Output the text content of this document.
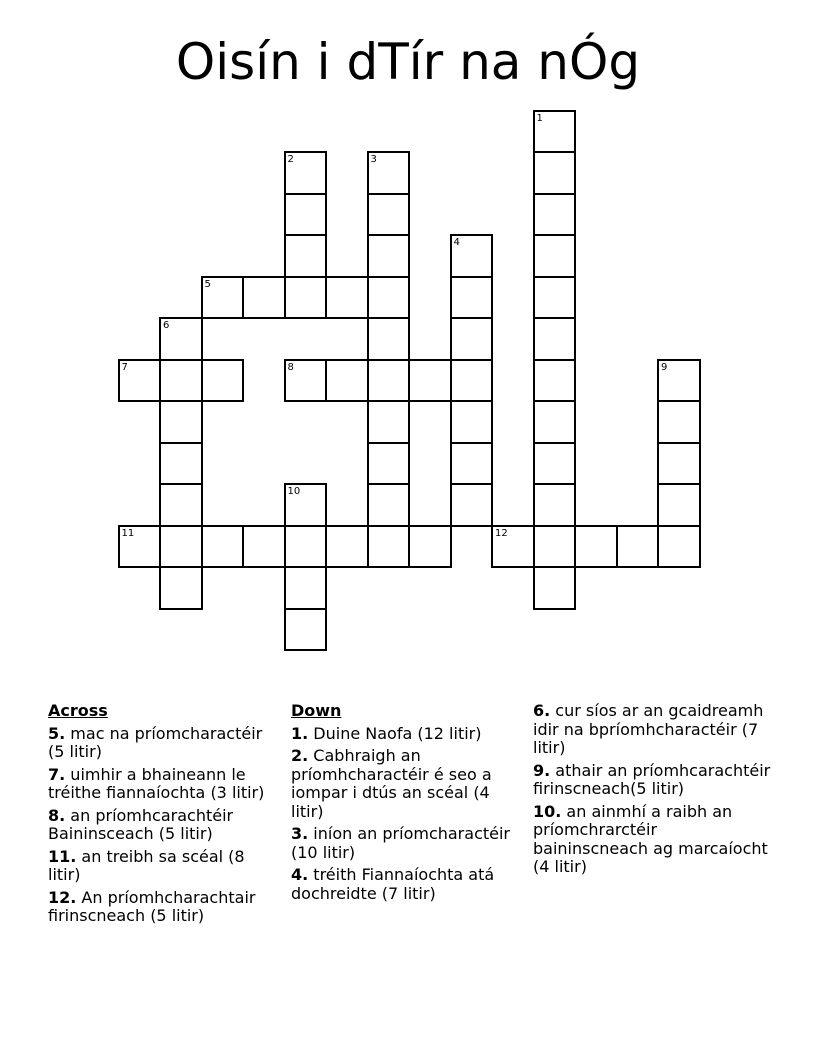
Oisín i dTír na nÓg
1
2	3
4
5
6
7	8	9
10
11	12
Across
5. mac na príomcharactéir (5 litir)
7. uimhir a bhaineann le tréithe fiannaíochta (3 litir)
8. an príomhcarachtéir Baininsceach (5 litir)
11. an treibh sa scéal (8 litir)
12. An príomhcharachtair firinscneach (5 litir)
Down
1. Duine Naofa (12 litir)
2. Cabhraigh an príomhcharactéir é seo a iompar i dtús an scéal (4 litir)
3. iníon an príomcharactéir (10 litir)
4. tréith Fiannaíochta atá dochreidte (7 litir)
6. cur síos ar an gcaidreamh idir na bpríomhcharactéir (7 litir)
9. athair an príomhcarachtéir firinscneach(5 litir)
10. an ainmhí a raibh an príomchrarctéir baininscneach ag marcaíocht (4 litir)
